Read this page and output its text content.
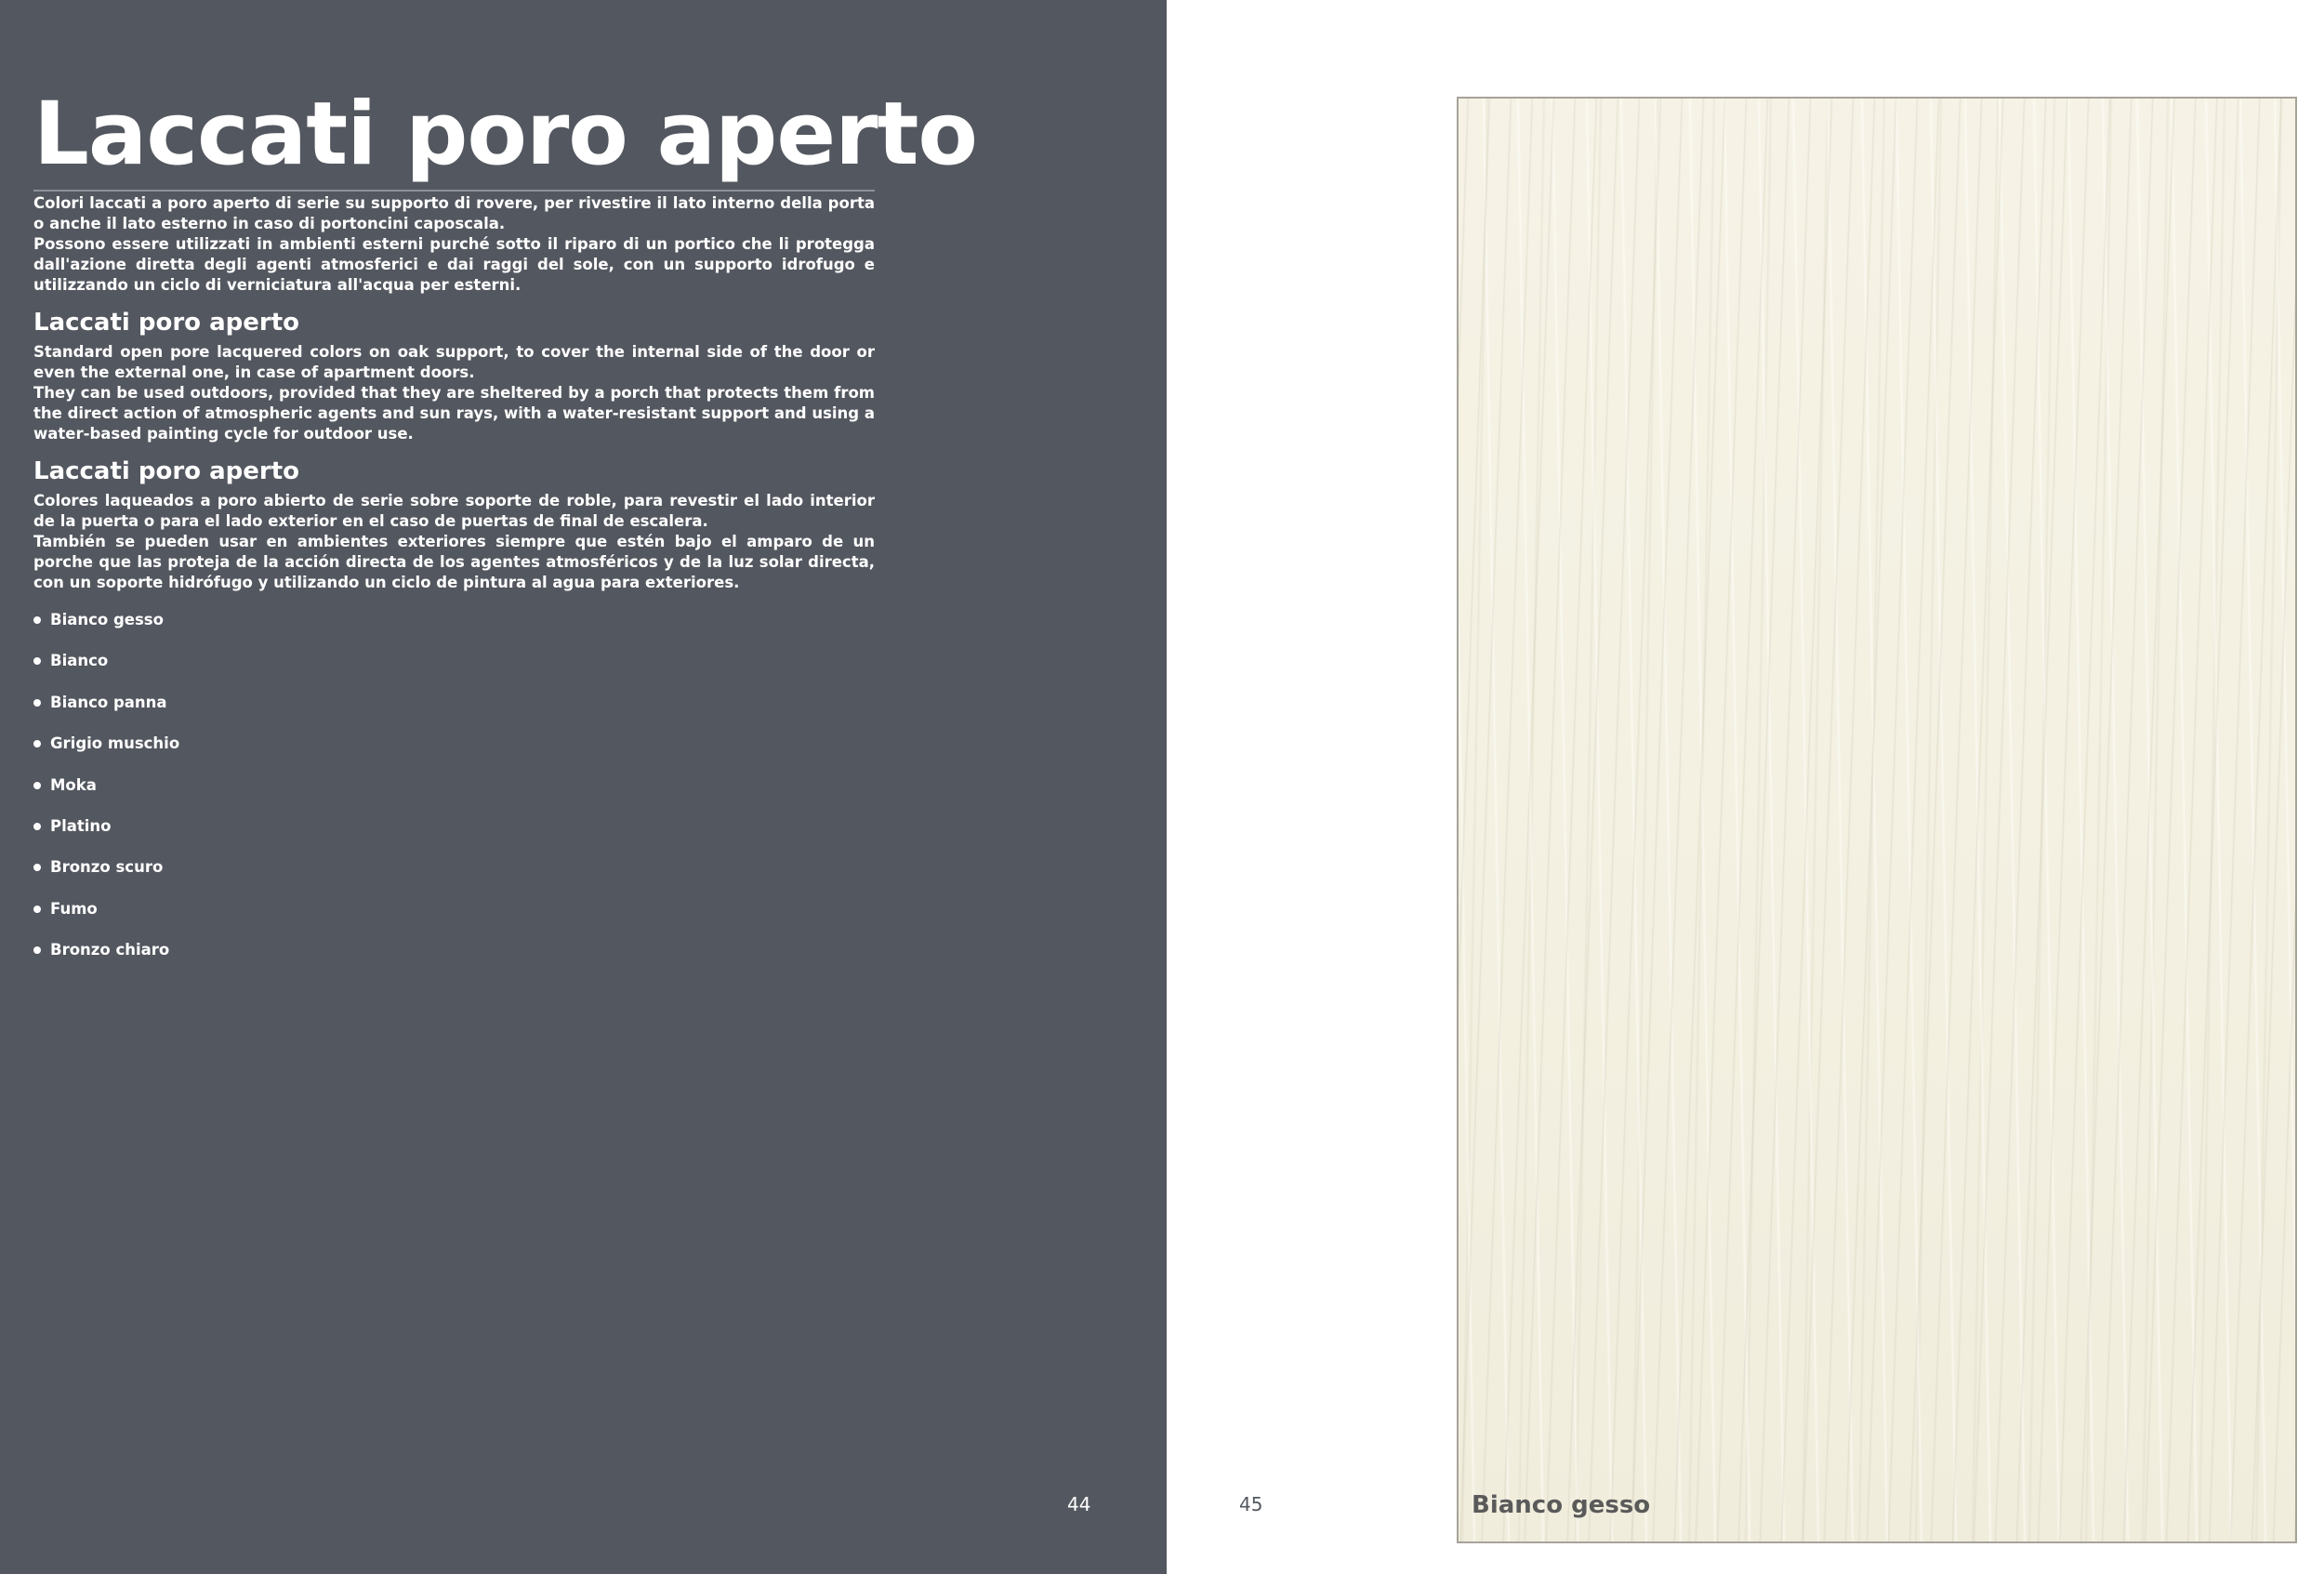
Laccati poro aperto

Colori laccati a poro aperto di serie su supporto di rovere, per rivestire il lato interno della porta o anche il lato esterno in caso di portoncini caposcala.

Possono essere utilizzati in ambienti esterni purché sotto il riparo di un portico che li protegga dall'azione diretta degli agenti atmosferici e dai raggi del sole, con un supporto idrofugo e utilizzando un ciclo di verniciatura all'acqua per esterni.

Laccati poro aperto

Standard open pore lacquered colors on oak support, to cover the internal side of the door or even the external one, in case of apartment doors.

They can be used outdoors, provided that they are sheltered by a porch that protects them from the direct action of atmospheric agents and sun rays, with a water-resistant support and using a water-based painting cycle for outdoor use.

Laccati poro aperto

Colores laqueados a poro abierto de serie sobre soporte de roble, para revestir el lado interior de la puerta o para el lado exterior en el caso de puertas de final de escalera.

También se pueden usar en ambientes exteriores siempre que estén bajo el amparo de un porche que las proteja de la acción directa de los agentes atmosféricos y de la luz solar directa, con un soporte hidrófugo y utilizando un ciclo de pintura al agua para exteriores.

Bianco gesso
Bianco
Bianco panna
Grigio muschio
Moka
Platino
Bronzo scuro
Fumo
Bronzo chiaro
44	45	Bianco gesso
